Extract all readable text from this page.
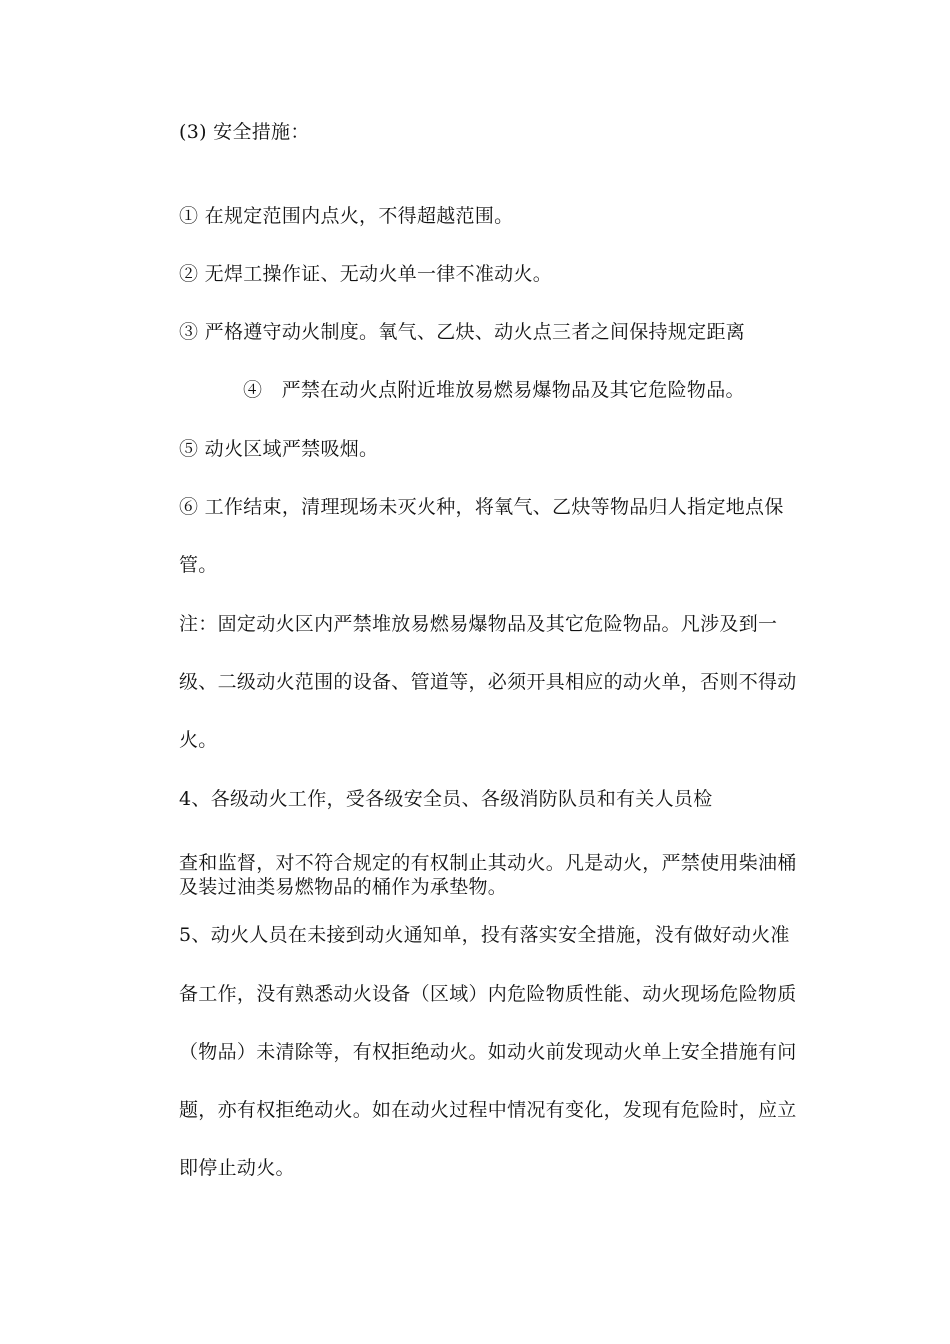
(3) 安全措施：
① 在规定范围内点火，不得超越范围。
② 无焊工操作证、无动火单一律不准动火。
③ 严格遵守动火制度。氧气、乙炔、动火点三者之间保持规定距离
④　严禁在动火点附近堆放易燃易爆物品及其它危险物品。
⑤ 动火区域严禁吸烟。
⑥ 工作结束，清理现场未灭火种，将氧气、乙炔等物品归人指定地点保
管。
注：固定动火区内严禁堆放易燃易爆物品及其它危险物品。凡涉及到一
级、二级动火范围的设备、管道等，必须开具相应的动火单，否则不得动
火。
4、各级动火工作，受各级安全员、各级消防队员和有关人员检
查和监督，对不符合规定的有权制止其动火。凡是动火，严禁使用柴油桶
及装过油类易燃物品的桶作为承垫物。
5、动火人员在未接到动火通知单，投有落实安全措施，没有做好动火准
备工作，没有熟悉动火设备（区域）内危险物质性能、动火现场危险物质
（物品）未清除等，有权拒绝动火。如动火前发现动火单上安全措施有问
题，亦有权拒绝动火。如在动火过程中情况有变化，发现有危险时，应立
即停止动火。
